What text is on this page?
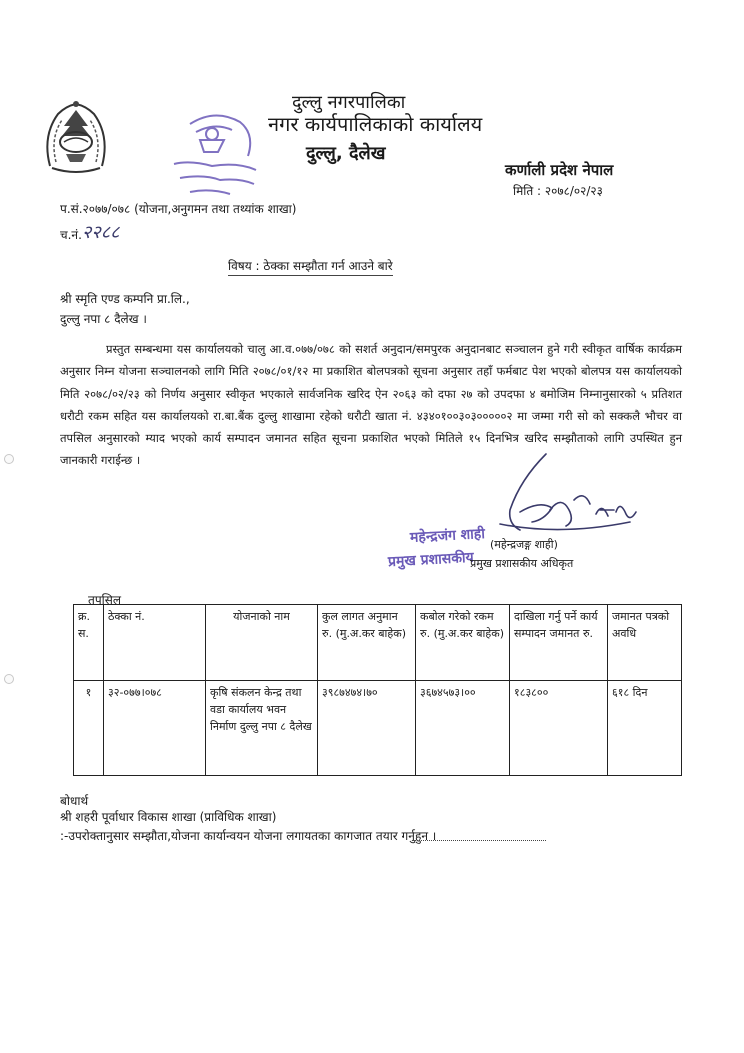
दुल्लु नगरपालिका
नगर कार्यपालिकाको कार्यालय
दुल्लु, दैलेख
कर्णाली प्रदेश नेपाल
मिति : २०७८/०२/२३
प.सं.२०७७/०७८ (योजना,अनुगमन तथा तथ्यांक शाखा)
च.नं. २२८८
विषय : ठेक्का सम्झौता गर्न आउने बारे
श्री स्मृति एण्ड कम्पनि प्रा.लि.,
दुल्लु नपा ८ दैलेख ।

प्रस्तुत सम्बन्धमा यस कार्यालयको चालु आ.व.०७७/०७८ को सशर्त अनुदान/समपुरक अनुदानबाट सञ्चालन हुने गरी स्वीकृत वार्षिक कार्यक्रम अनुसार निम्न योजना सञ्चालनको लागि मिति २०७८/०१/१२ मा प्रकाशित बोलपत्रको सूचना अनुसार तहाँ फर्मबाट पेश भएको बोलपत्र यस कार्यालयको मिति २०७८/०२/२३ को निर्णय अनुसार स्वीकृत भएकाले सार्वजनिक खरिद ऐन २०६३ को दफा २७ को उपदफा ४ बमोजिम निम्नानुसारको ५ प्रतिशत धरौटी रकम सहित यस कार्यालयको रा.बा.बैंक दुल्लु शाखामा रहेको धरौटी खाता नं. ४३४०१००३०३०००००२ मा जम्मा गरी सो को सक्कलै भौचर वा तपसिल अनुसारको म्याद भएको कार्य सम्पादन जमानत सहित सूचना प्रकाशित भएको मितिले १५ दिनभित्र खरिद सम्झौताको लागि उपस्थित हुन जानकारी गराईन्छ ।

महेन्द्रजंग शाही
प्रमुख प्रशासकीय
(महेन्द्रजङ्ग शाही)
प्रमुख प्रशासकीय अधिकृत
तपसिल
क्र. स.	ठेक्का नं.	योजनाको नाम	कुल लागत अनुमान रु. (मु.अ.कर बाहेक)	कबोल गरेको रकम रु. (मु.अ.कर बाहेक)	दाखिला गर्नु पर्ने कार्य सम्पादन जमानत रु.	जमानत पत्रको अवधि
१	३२-०७७।०७८	कृषि संकलन केन्द्र तथा वडा कार्यालय भवन निर्माण दुल्लु नपा ८ दैलेख	३९८७४७४।७०	३६७४५७३।००	१८३८००	६१८ दिन
बोधार्थ
श्री शहरी पूर्वाधार विकास शाखा (प्राविधिक शाखा)
:-उपरोक्तानुसार सम्झौता,योजना कार्यान्वयन योजना लगायतका कागजात तयार गर्नुहुन ।
